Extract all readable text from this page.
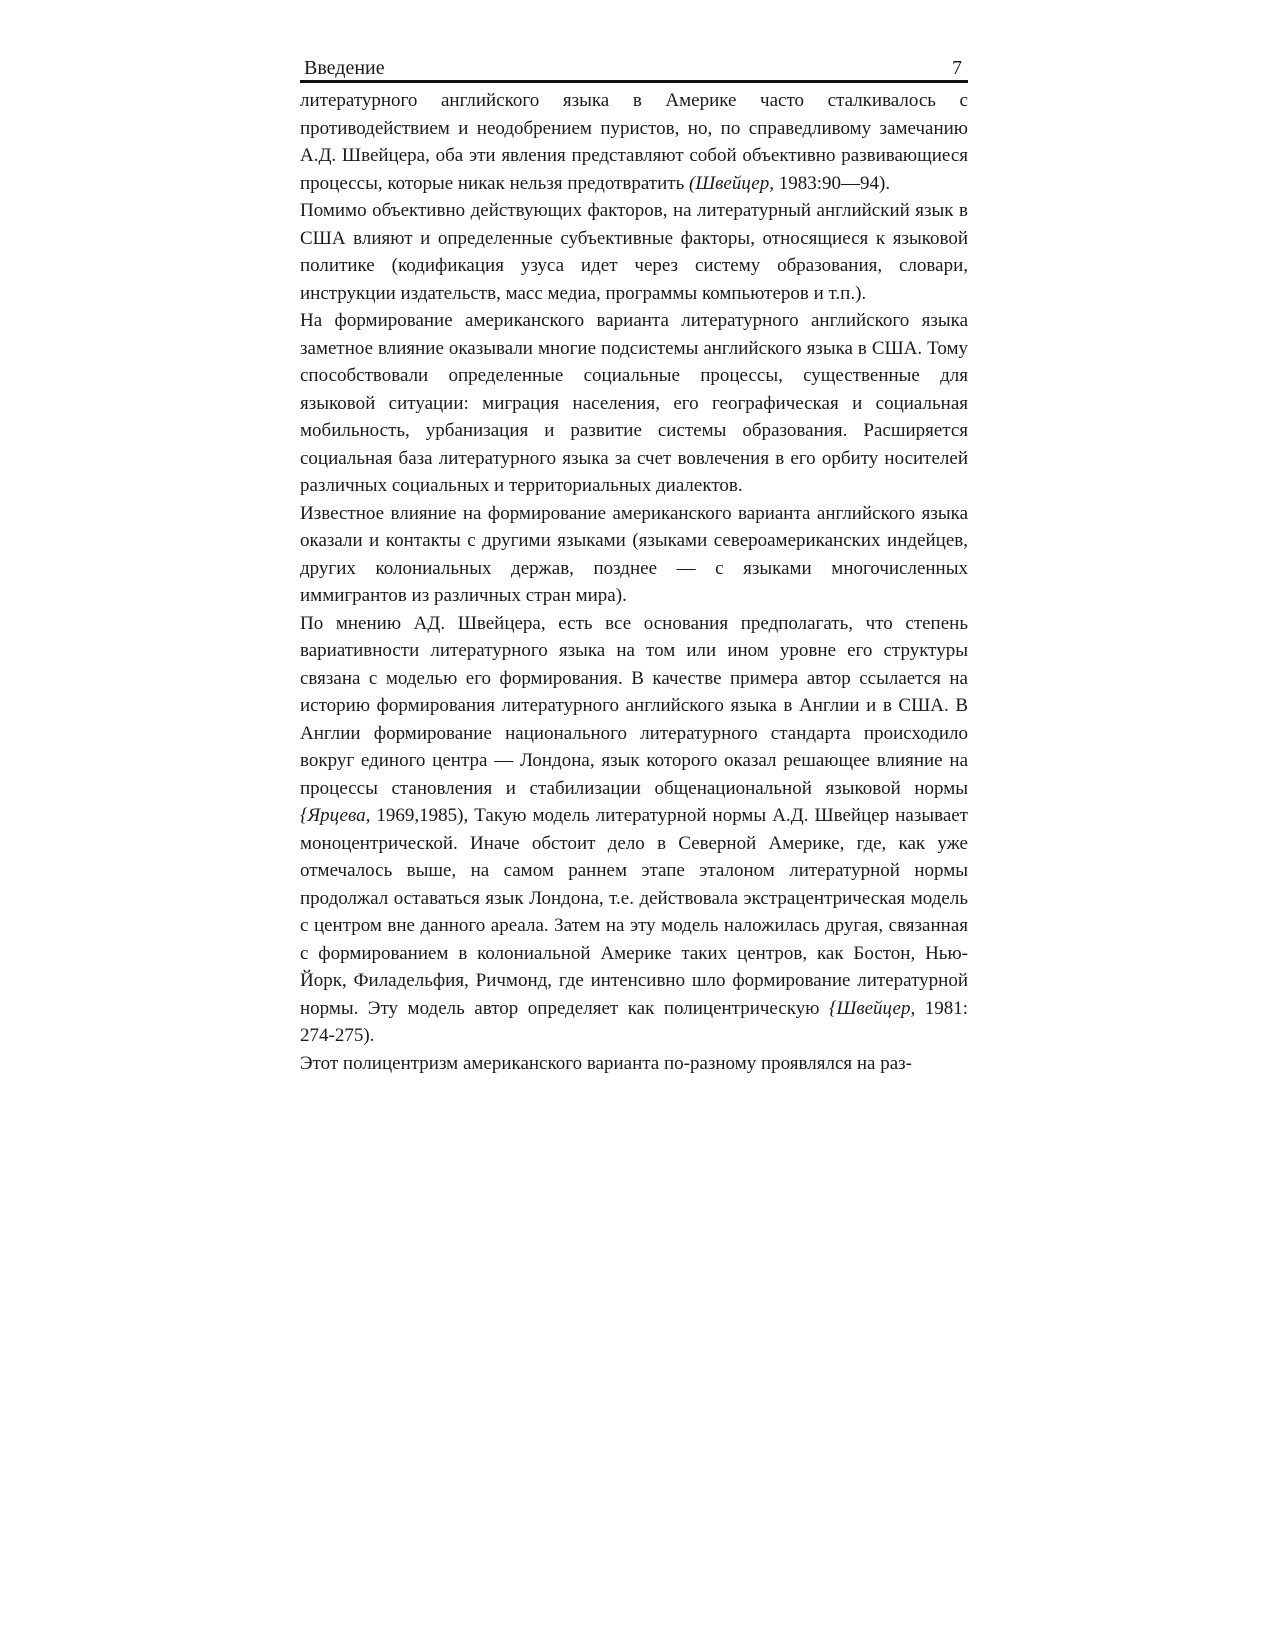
Введение	7

литературного английского языка в Америке часто сталкивалось с противодействием и неодобрением пуристов, но, по справедливому замечанию А.Д. Швейцера, оба эти явления представляют собой объективно развивающиеся процессы, которые никак нельзя предотвратить (Швейцер, 1983:90—94).

Помимо объективно действующих факторов, на литературный английский язык в США влияют и определенные субъективные факторы, относящиеся к языковой политике (кодификация узуса идет через систему образования, словари, инструкции издательств, масс медиа, программы компьютеров и т.п.).

На формирование американского варианта литературного английского языка заметное влияние оказывали многие подсистемы английского языка в США. Тому способствовали определенные социальные процессы, существенные для языковой ситуации: миграция населения, его географическая и социальная мобильность, урбанизация и развитие системы образования. Расширяется социальная база литературного языка за счет вовлечения в его орбиту носителей различных социальных и территориальных диалектов.

Известное влияние на формирование американского варианта английского языка оказали и контакты с другими языками (языками североамериканских индейцев, других колониальных держав, позднее — с языками многочисленных иммигрантов из различных стран мира).

По мнению АД. Швейцера, есть все основания предполагать, что степень вариативности литературного языка на том или ином уровне его структуры связана с моделью его формирования. В качестве примера автор ссылается на историю формирования литературного английского языка в Англии и в США. В Англии формирование национального литературного стандарта происходило вокруг единого центра — Лондона, язык которого оказал решающее влияние на процессы становления и стабилизации общенациональной языковой нормы {Ярцева, 1969,1985), Такую модель литературной нормы А.Д. Швейцер называет моноцентрической. Иначе обстоит дело в Северной Америке, где, как уже отмечалось выше, на самом раннем этапе эталоном литературной нормы продолжал оставаться язык Лондона, т.е. действовала экстрацентрическая модель с центром вне данного ареала. Затем на эту модель наложилась другая, связанная с формированием в колониальной Америке таких центров, как Бостон, Нью-Йорк, Филадельфия, Ричмонд, где интенсивно шло формирование литературной нормы. Эту модель автор определяет как полицентрическую {Швейцер, 1981: 274-275).

Этот полицентризм американского варианта по-разному проявлялся на раз-
